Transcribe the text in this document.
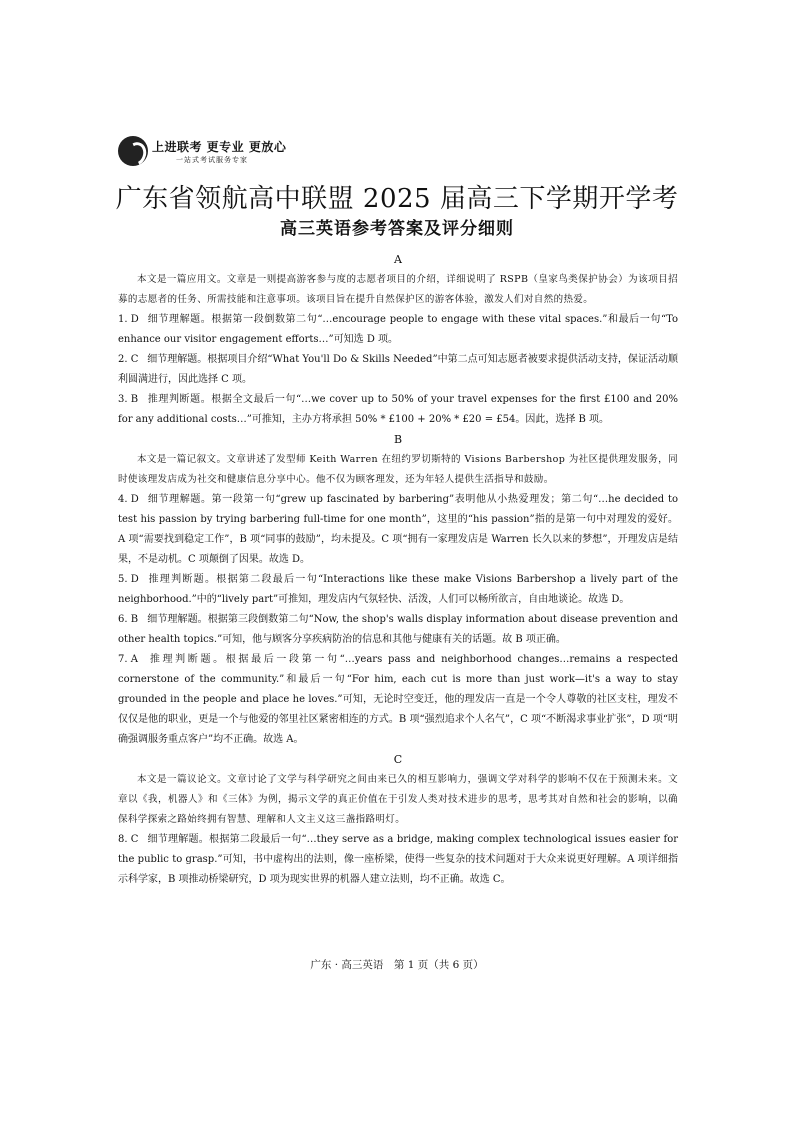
上进联考 更专业 更放心
一站式考试服务专家
广东省领航高中联盟 2025 届高三下学期开学考
高三英语参考答案及评分细则
A
本文是一篇应用文。文章是一则提高游客参与度的志愿者项目的介绍，详细说明了 RSPB（皇家鸟类保护协会）为该项目招募的志愿者的任务、所需技能和注意事项。该项目旨在提升自然保护区的游客体验，激发人们对自然的热爱。
1. D 细节理解题。根据第一段倒数第二句“…encourage people to engage with these vital spaces.”和最后一句“To enhance our visitor engagement efforts…”可知选 D 项。
2. C 细节理解题。根据项目介绍“What You'll Do & Skills Needed”中第二点可知志愿者被要求提供活动支持，保证活动顺利圆满进行，因此选择 C 项。
3. B 推理判断题。根据全文最后一句“…we cover up to 50% of your travel expenses for the first £100 and 20% for any additional costs…”可推知，主办方将承担 50% * £100 + 20% * £20 = £54。因此，选择 B 项。
B
本文是一篇记叙文。文章讲述了发型师 Keith Warren 在纽约罗切斯特的 Visions Barbershop 为社区提供理发服务，同时使该理发店成为社交和健康信息分享中心。他不仅为顾客理发，还为年轻人提供生活指导和鼓励。
4. D 细节理解题。第一段第一句“grew up fascinated by barbering”表明他从小热爱理发；第二句“…he decided to test his passion by trying barbering full-time for one month”，这里的“his passion”指的是第一句中对理发的爱好。A 项“需要找到稳定工作”，B 项“同事的鼓励”，均未提及。C 项“拥有一家理发店是 Warren 长久以来的梦想”，开理发店是结果，不是动机。C 项颠倒了因果。故选 D。
5. D 推理判断题。根据第二段最后一句“Interactions like these make Visions Barbershop a lively part of the neighborhood.”中的“lively part”可推知，理发店内气氛轻快、活泼，人们可以畅所欲言，自由地谈论。故选 D。
6. B 细节理解题。根据第三段倒数第二句“Now, the shop's walls display information about disease prevention and other health topics.”可知，他与顾客分享疾病防治的信息和其他与健康有关的话题。故 B 项正确。
7. A 推理判断题。根据最后一段第一句“…years pass and neighborhood changes…remains a respected cornerstone of the community.”和最后一句“For him, each cut is more than just work—it's a way to stay grounded in the people and place he loves.”可知，无论时空变迁，他的理发店一直是一个令人尊敬的社区支柱，理发不仅仅是他的职业，更是一个与他爱的邻里社区紧密相连的方式。B 项“强烈追求个人名气”，C 项“不断渴求事业扩张”，D 项“明确强调服务重点客户”均不正确。故选 A。
C
本文是一篇议论文。文章讨论了文学与科学研究之间由来已久的相互影响力，强调文学对科学的影响不仅在于预测未来。文章以《我，机器人》和《三体》为例，揭示文学的真正价值在于引发人类对技术进步的思考，思考其对自然和社会的影响，以确保科学探索之路始终拥有智慧、理解和人文主义这三盏指路明灯。
8. C 细节理解题。根据第二段最后一句“…they serve as a bridge, making complex technological issues easier for the public to grasp.”可知，书中虚构出的法则，像一座桥梁，使得一些复杂的技术问题对于大众来说更好理解。A 项详细指示科学家，B 项推动桥梁研究，D 项为现实世界的机器人建立法则，均不正确。故选 C。
广东 · 高三英语　第 1 页（共 6 页）
